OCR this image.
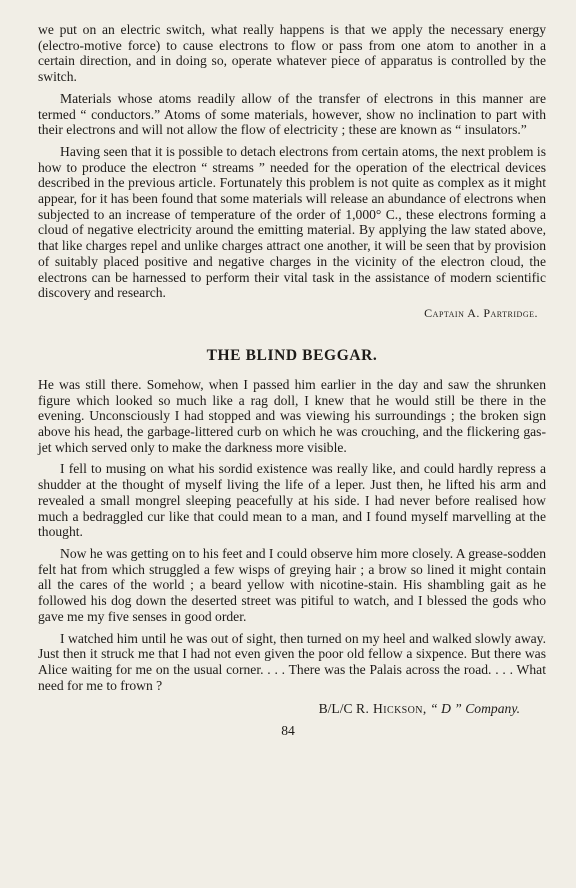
we put on an electric switch, what really happens is that we apply the necessary energy (electro-motive force) to cause electrons to flow or pass from one atom to another in a certain direction, and in doing so, operate whatever piece of apparatus is controlled by the switch.

Materials whose atoms readily allow of the transfer of electrons in this manner are termed “ conductors.” Atoms of some materials, however, show no inclination to part with their electrons and will not allow the flow of electricity ; these are known as “ insulators.”

Having seen that it is possible to detach electrons from certain atoms, the next problem is how to produce the electron “ streams ” needed for the operation of the electrical devices described in the previous article. Fortunately this problem is not quite as complex as it might appear, for it has been found that some materials will release an abundance of electrons when subjected to an increase of temperature of the order of 1,000° C., these electrons forming a cloud of negative electricity around the emitting material. By applying the law stated above, that like charges repel and unlike charges attract one another, it will be seen that by provision of suitably placed positive and negative charges in the vicinity of the electron cloud, the electrons can be harnessed to perform their vital task in the assistance of modern scientific discovery and research.

Captain A. Partridge.
THE BLIND BEGGAR.

He was still there. Somehow, when I passed him earlier in the day and saw the shrunken figure which looked so much like a rag doll, I knew that he would still be there in the evening. Unconsciously I had stopped and was viewing his surroundings ; the broken sign above his head, the garbage-littered curb on which he was crouching, and the flickering gas-jet which served only to make the darkness more visible.

I fell to musing on what his sordid existence was really like, and could hardly repress a shudder at the thought of myself living the life of a leper. Just then, he lifted his arm and revealed a small mongrel sleeping peacefully at his side. I had never before realised how much a bedraggled cur like that could mean to a man, and I found myself marvelling at the thought.

Now he was getting on to his feet and I could observe him more closely. A grease-sodden felt hat from which struggled a few wisps of greying hair ; a brow so lined it might contain all the cares of the world ; a beard yellow with nicotine-stain. His shambling gait as he followed his dog down the deserted street was pitiful to watch, and I blessed the gods who gave me my five senses in good order.

I watched him until he was out of sight, then turned on my heel and walked slowly away. Just then it struck me that I had not even given the poor old fellow a sixpence. But there was Alice waiting for me on the usual corner. . . . There was the Palais across the road. . . . What need for me to frown ?

B/L/C R. Hickson, “ D ” Company.
84
